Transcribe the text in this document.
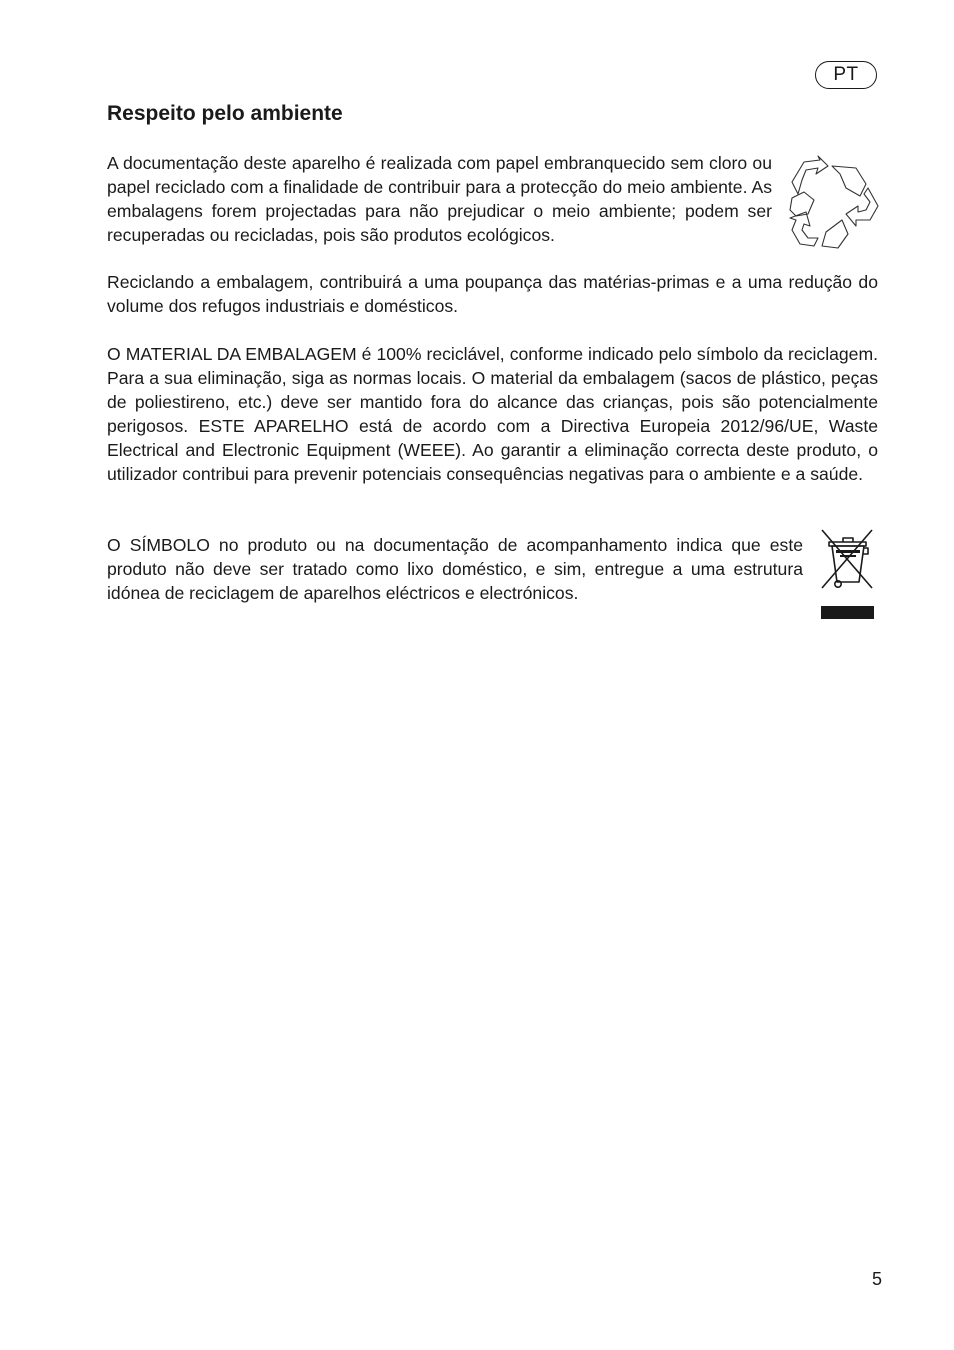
PT
Respeito pelo ambiente

A documentação deste aparelho é realizada com papel embranquecido sem cloro ou papel reciclado com a finalidade de contribuir para a protecção do meio ambiente. As embalagens forem projectadas para não prejudicar o meio ambiente; podem ser recuperadas ou recicladas, pois são produtos ecológicos.

Reciclando a embalagem, contribuirá a uma poupança das matérias-primas e a uma redução do volume dos refugos industriais e domésticos.

O MATERIAL DA EMBALAGEM é 100% reciclável, conforme indicado pelo símbolo da reciclagem. Para a sua eliminação, siga as normas locais. O material da embalagem (sacos de plástico, peças de poliestireno, etc.) deve ser mantido fora do alcance das crianças, pois são potencialmente perigosos. ESTE APARELHO está de acordo com a Directiva Europeia 2012/96/UE, Waste Electrical and Electronic Equipment (WEEE). Ao garantir a eliminação correcta deste produto, o utilizador contribui para prevenir potenciais consequências negativas para o ambiente e a saúde.

O SÍMBOLO no produto ou na documentação de acompanhamento indica que este produto não deve ser tratado como lixo doméstico, e sim, entregue a uma estrutura idónea de reciclagem de aparelhos eléctricos e electrónicos.

5
